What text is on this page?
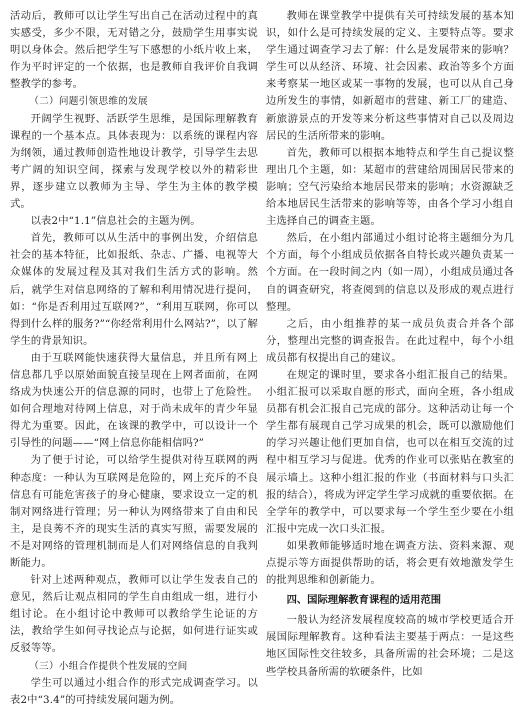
活动后，教师可以让学生写出自己在活动过程中的真实感受，多少不限，无对错之分，鼓励学生用事实说明以身体会。然后把学生写下感想的小纸片收上来，作为平时评定的一个依据，也是教师自我评价自我调整教学的参考。

（二）问题引领思维的发展

开阔学生视野、活跃学生思维，是国际理解教育课程的一个基本点。具体表现为：以系统的课程内容为纲领，通过教师创造性地设计教学，引导学生去思考广阔的知识空间，探索与发现学校以外的精彩世界，逐步建立以教师为主导、学生为主体的教学模式。

以表2中“1.1”信息社会的主题为例。

首先，教师可以从生活中的事例出发，介绍信息社会的基本特征，比如报纸、杂志、广播、电视等大众媒体的发展过程及其对我们生活方式的影响。然后，就学生对信息网络的了解和利用情况进行提问，如：“你是否利用过互联网?”，“利用互联网，你可以得到什么样的服务?”“你经常利用什么网站?”，以了解学生的背景知识。

由于互联网能快速获得大量信息，并且所有网上信息都几乎以原始面貌直接呈现在上网者面前，在网络成为快速公开的信息源的同时，也带上了危险性。如何合理地对待网上信息，对于尚未成年的青少年显得尤为重要。因此，在该课的教学中，可以设计一个引导性的问题——“网上信息你能相信吗?”

为了便于讨论，可以给学生提供对待互联网的两种态度：一种认为互联网是危险的，网上充斥的不良信息有可能危害孩子的身心健康，要求设立一定的机制对网络进行管理；另一种认为网络带来了自由和民主，是良莠不齐的现实生活的真实写照，需要发展的不是对网络的管理机制而是人们对网络信息的自我判断能力。

针对上述两种观点，教师可以让学生发表自己的意见，然后让观点相同的学生自由组成一组，进行小组讨论。在小组讨论中教师可以教给学生论证的方法，教给学生如何寻找论点与论据，如何进行证实或反驳等等。

（三）小组合作提供个性发展的空间

学生可以通过小组合作的形式完成调查学习。以表2中“3.4”的可持续发展问题为例。

教师在课堂教学中提供有关可持续发展的基本知识，如什么是可持续发展的定义、主要特点等。要求学生通过调查学习去了解：什么是发展带来的影响？学生可以从经济、环境、社会因素、政治等多个方面来考察某一地区或某一事物的发展，也可以从自己身边所发生的事情，如新超市的营建、新工厂的建造、新旅游景点的开发等来分析这些事情对自己以及周边居民的生活所带来的影响。

首先，教师可以根据本地特点和学生自己提议整理出几个主题，如：某超市的营建给周围居民带来的影响；空气污染给本地居民带来的影响；水资源缺乏给本地居民生活带来的影响等等，由各个学习小组自主选择自己的调查主题。

然后，在小组内部通过小组讨论将主题细分为几个方面，每个小组成员依据各自特长或兴趣负责某一个方面。在一段时间之内（如一周），小组成员通过各自的调查研究，将查阅到的信息以及形成的观点进行整理。

之后，由小组推荐的某一成员负责合并各个部分，整理出完整的调查报告。在此过程中，每个小组成员都有权提出自己的建议。

在规定的课时里，要求各小组汇报自己的结果。小组汇报可以采取自愿的形式，面向全班，各小组成员都有机会汇报自己完成的部分。这种活动让每一个学生都有展现自己学习成果的机会，既可以激励他们的学习兴趣让他们更加自信，也可以在相互交流的过程中相互学习与促进。优秀的作业可以张贴在教室的展示墙上。这种小组汇报的作业（书面材料与口头汇报的结合），将成为评定学生学习成就的重要依据。在全学年的教学中，可以要求每一个学生至少要在小组汇报中完成一次口头汇报。

如果教师能够适时地在调查方法、资料来源、观点提示等方面提供帮助的话，将会更有效地激发学生的批判思维和创新能力。

四、国际理解教育课程的适用范围

一般认为经济发展程度较高的城市学校更适合开展国际理解教育。这种看法主要基于两点：一是这些地区国际性交往较多，具备所需的社会环境；二是这些学校具备所需的软硬条件，比如
